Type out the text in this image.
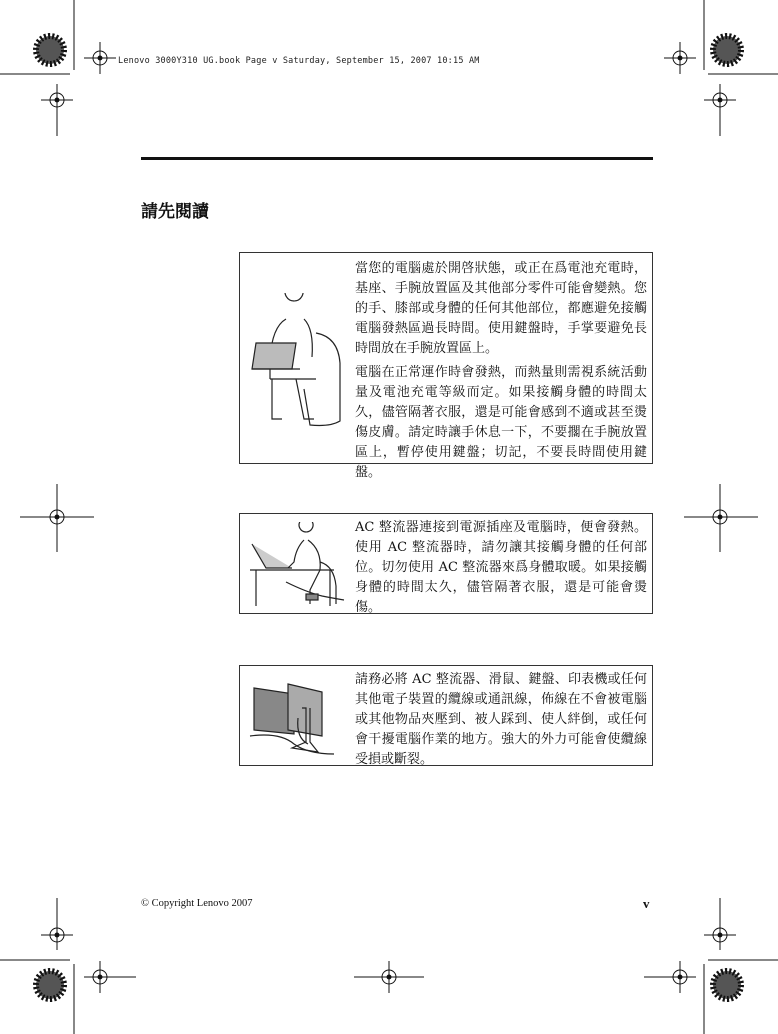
Lenovo 3000Y310 UG.book Page v Saturday, September 15, 2007 10:15 AM
請先閱讀

當您的電腦處於開啓狀態，或正在爲電池充電時，基座、手腕放置區及其他部分零件可能會變熱。您的手、膝部或身體的任何其他部位，都應避免接觸電腦發熱區過長時間。使用鍵盤時，手掌要避免長時間放在手腕放置區上。

電腦在正常運作時會發熱，而熱量則需視系統活動量及電池充電等級而定。如果接觸身體的時間太久，儘管隔著衣服，還是可能會感到不適或甚至燙傷皮膚。請定時讓手休息一下，不要擱在手腕放置區上，暫停使用鍵盤；切記，不要長時間使用鍵盤。

AC 整流器連接到電源插座及電腦時，便會發熱。使用 AC 整流器時，請勿讓其接觸身體的任何部位。切勿使用 AC 整流器來爲身體取暖。如果接觸身體的時間太久，儘管隔著衣服，還是可能會燙傷。

請務必將 AC 整流器、滑鼠、鍵盤、印表機或任何其他電子裝置的纜線或通訊線，佈線在不會被電腦或其他物品夾壓到、被人踩到、使人絆倒，或任何會干擾電腦作業的地方。強大的外力可能會使纜線受損或斷裂。

© Copyright Lenovo 2007	v
